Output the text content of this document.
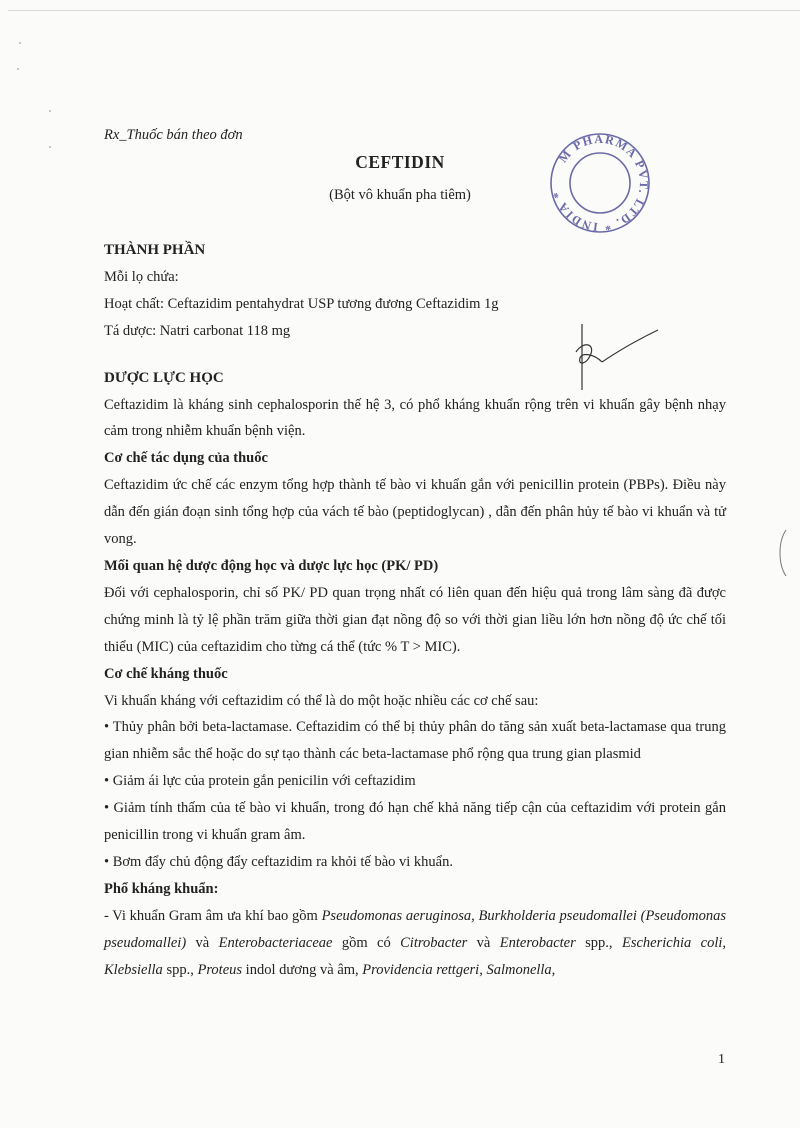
Rx_Thuốc bán theo đơn
CEFTIDIN
(Bột vô khuẩn pha tiêm)
M PHARMA PVT. LTD. * INDIA *

THÀNH PHẦN

Mỗi lọ chứa:

Hoạt chất: Ceftazidim pentahydrat USP tương đương Ceftazidim 1g

Tá dược: Natri carbonat 118 mg

DƯỢC LỰC HỌC

Ceftazidim là kháng sinh cephalosporin thế hệ 3, có phổ kháng khuẩn rộng trên vi khuẩn gây bệnh nhạy cảm trong nhiễm khuẩn bệnh viện.

Cơ chế tác dụng của thuốc

Ceftazidim ức chế các enzym tổng hợp thành tế bào vi khuẩn gắn với penicillin protein (PBPs). Điều này dẫn đến gián đoạn sinh tổng hợp của vách tế bào (peptidoglycan) , dẫn đến phân hủy tế bào vi khuẩn và tử vong.

Mối quan hệ dược động học và dược lực học (PK/ PD)

Đối với cephalosporin, chỉ số PK/ PD quan trọng nhất có liên quan đến hiệu quả trong lâm sàng đã được chứng minh là tỷ lệ phần trăm giữa thời gian đạt nồng độ so với thời gian liều lớn hơn nồng độ ức chế tối thiểu (MIC) của ceftazidim cho từng cá thể (tức % T > MIC).

Cơ chế kháng thuốc

Vi khuẩn kháng với ceftazidim có thể là do một hoặc nhiều các cơ chế sau:

• Thủy phân bởi beta-lactamase. Ceftazidim có thể bị thủy phân do tăng sản xuất beta-lactamase qua trung gian nhiễm sắc thể hoặc do sự tạo thành các beta-lactamase phổ rộng qua trung gian plasmid

• Giảm ái lực của protein gắn penicilin với ceftazidim

• Giảm tính thấm của tế bào vi khuẩn, trong đó hạn chế khả năng tiếp cận của ceftazidim với protein gắn penicillin trong vi khuẩn gram âm.

• Bơm đẩy chủ động đẩy ceftazidim ra khỏi tế bào vi khuẩn.

Phổ kháng khuẩn:

- Vi khuẩn Gram âm ưa khí bao gồm Pseudomonas aeruginosa, Burkholderia pseudomallei (Pseudomonas pseudomallei) và Enterobacteriaceae gồm có Citrobacter và Enterobacter spp., Escherichia coli, Klebsiella spp., Proteus indol dương và âm, Providencia rettgeri, Salmonella,

1
